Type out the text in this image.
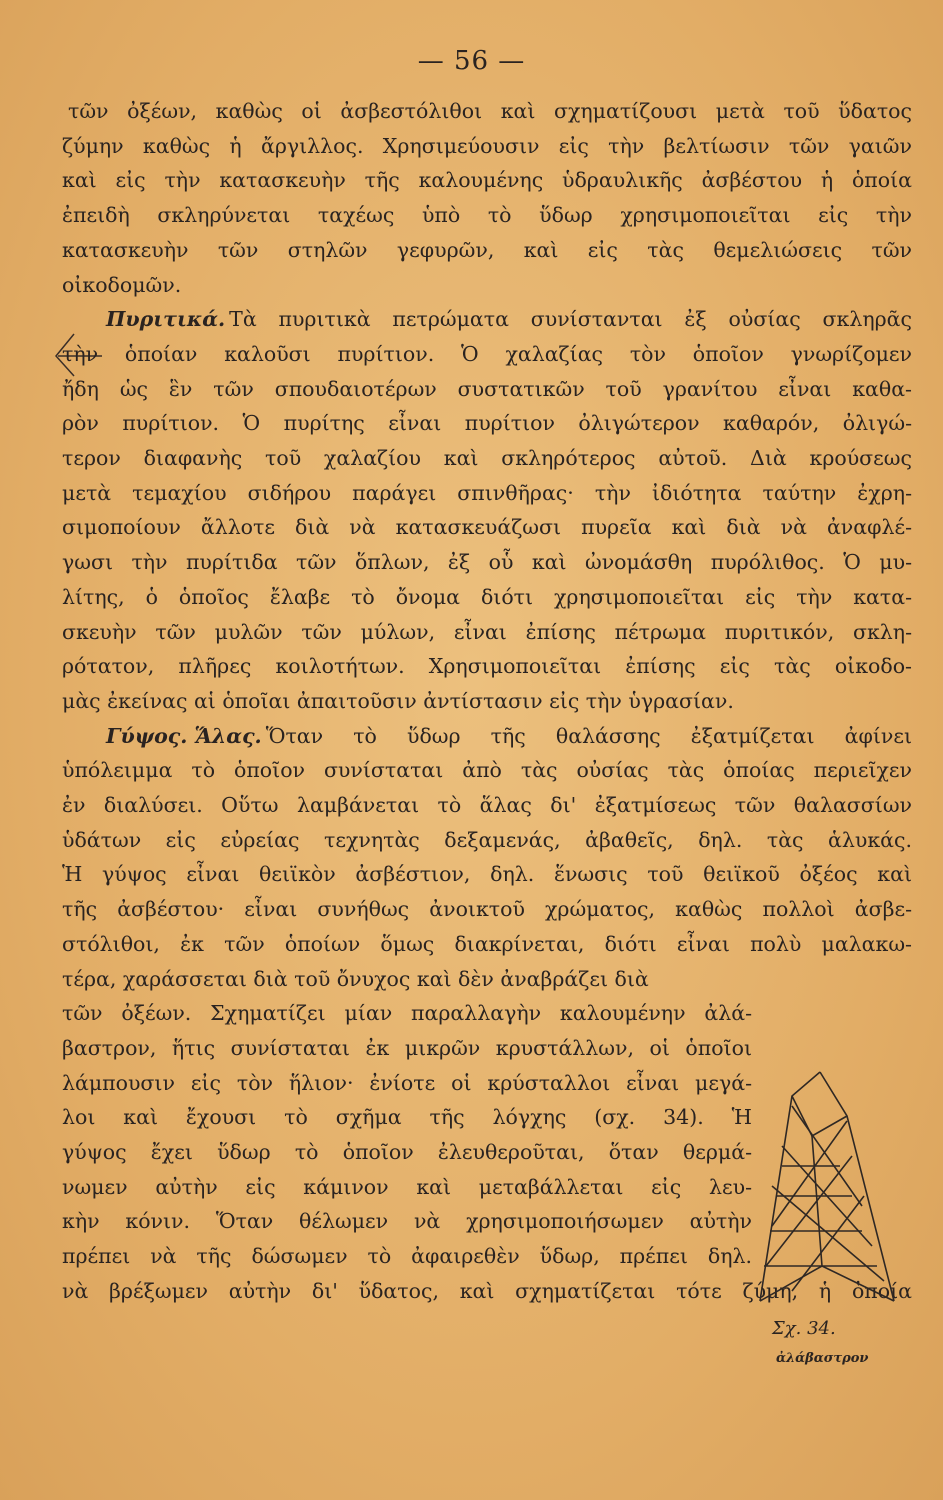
— 56 —
τῶν ὀξέων, καθὼς οἱ ἀσβεστόλιθοι καὶ σχηματίζουσι μετὰ τοῦ ὕδατος
ζύμην καθὼς ἡ ἄργιλλος. Χρησιμεύουσιν εἰς τὴν βελτίωσιν τῶν γαιῶν
καὶ εἰς τὴν κατασκευὴν τῆς καλουμένης ὑδραυλικῆς ἀσβέστου ἡ ὁποία
ἐπειδὴ σκληρύνεται ταχέως ὑπὸ τὸ ὕδωρ χρησιμοποιεῖται εἰς τὴν
κατασκευὴν τῶν στηλῶν γεφυρῶν, καὶ εἰς τὰς θεμελιώσεις τῶν
οἰκοδομῶν.
Πυριτικά. Τὰ πυριτικὰ πετρώματα συνίστανται ἐξ οὐσίας σκληρᾶς
τὴν ὁποίαν καλοῦσι πυρίτιον. Ὁ χαλαζίας τὸν ὁποῖον γνωρίζομεν
ἤδη ὡς ἓν τῶν σπουδαιοτέρων συστατικῶν τοῦ γρανίτου εἶναι καθα-
ρὸν πυρίτιον. Ὁ πυρίτης εἶναι πυρίτιον ὀλιγώτερον καθαρόν, ὀλιγώ-
τερον διαφανὴς τοῦ χαλαζίου καὶ σκληρότερος αὐτοῦ. Διὰ κρούσεως
μετὰ τεμαχίου σιδήρου παράγει σπινθῆρας· τὴν ἰδιότητα ταύτην ἐχρη-
σιμοποίουν ἄλλοτε διὰ νὰ κατασκευάζωσι πυρεῖα καὶ διὰ νὰ ἀναφλέ-
γωσι τὴν πυρίτιδα τῶν ὅπλων, ἐξ οὗ καὶ ὠνομάσθη πυρόλιθος. Ὁ μυ-
λίτης, ὁ ὁποῖος ἔλαβε τὸ ὄνομα διότι χρησιμοποιεῖται εἰς τὴν κατα-
σκευὴν τῶν μυλῶν τῶν μύλων, εἶναι ἐπίσης πέτρωμα πυριτικόν, σκλη-
ρότατον, πλῆρες κοιλοτήτων. Χρησιμοποιεῖται ἐπίσης εἰς τὰς οἰκοδο-
μὰς ἐκείνας αἱ ὁποῖαι ἀπαιτοῦσιν ἀντίστασιν εἰς τὴν ὑγρασίαν.
Γύψος. Ἅλας. Ὅταν τὸ ὕδωρ τῆς θαλάσσης ἐξατμίζεται ἀφίνει
ὑπόλειμμα τὸ ὁποῖον συνίσταται ἀπὸ τὰς οὐσίας τὰς ὁποίας περιεῖχεν
ἐν διαλύσει. Οὕτω λαμβάνεται τὸ ἅλας δι' ἐξατμίσεως τῶν θαλασσίων
ὑδάτων εἰς εὐρείας τεχνητὰς δεξαμενάς, ἀβαθεῖς, δηλ. τὰς ἁλυκάς.
Ἡ γύψος εἶναι θειϊκὸν ἀσβέστιον, δηλ. ἕνωσις τοῦ θειϊκοῦ ὀξέος καὶ
τῆς ἀσβέστου· εἶναι συνήθως ἀνοικτοῦ χρώματος, καθὼς πολλοὶ ἀσβε-
στόλιθοι, ἐκ τῶν ὁποίων ὅμως διακρίνεται, διότι εἶναι πολὺ μαλακω-
τέρα, χαράσσεται διὰ τοῦ ὄνυχος καὶ δὲν ἀναβράζει διὰ
τῶν ὀξέων. Σχηματίζει μίαν παραλλαγὴν καλουμένην ἀλά-
βαστρον, ἥτις συνίσταται ἐκ μικρῶν κρυστάλλων, οἱ ὁποῖοι
λάμπουσιν εἰς τὸν ἥλιον· ἐνίοτε οἱ κρύσταλλοι εἶναι μεγά-
λοι καὶ ἔχουσι τὸ σχῆμα τῆς λόγχης (σχ. 34). Ἡ
γύψος ἔχει ὕδωρ τὸ ὁποῖον ἐλευθεροῦται, ὅταν θερμά-
νωμεν αὐτὴν εἰς κάμινον καὶ μεταβάλλεται εἰς λευ-
κὴν κόνιν. Ὅταν θέλωμεν νὰ χρησιμοποιήσωμεν αὐτὴν
πρέπει νὰ τῆς δώσωμεν τὸ ἀφαιρεθὲν ὕδωρ, πρέπει δηλ.
νὰ βρέξωμεν αὐτὴν δι' ὕδατος, καὶ σχηματίζεται τότε ζύμη, ἡ ὁποία
Σχ. 34.
ἀλάβαστρον
